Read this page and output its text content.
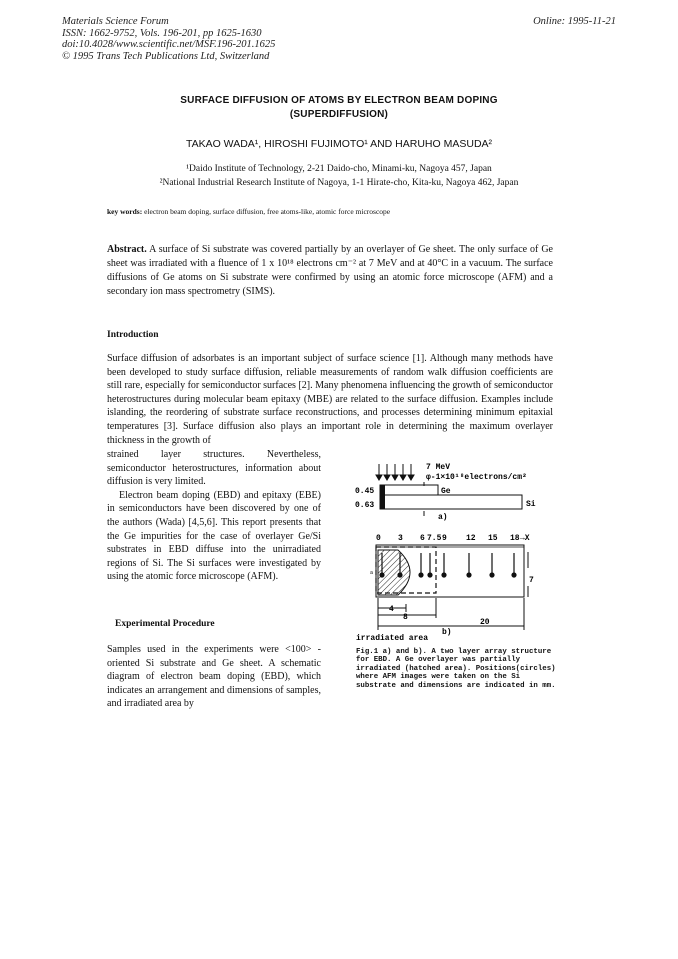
Materials Science Forum
ISSN: 1662-9752, Vols. 196-201, pp 1625-1630
doi:10.4028/www.scientific.net/MSF.196-201.1625
© 1995 Trans Tech Publications Ltd, Switzerland
Online: 1995-11-21
SURFACE DIFFUSION OF ATOMS BY ELECTRON BEAM DOPING
(SUPERDIFFUSION)
TAKAO WADA¹, HIROSHI FUJIMOTO¹ AND HARUHO MASUDA²
¹Daido Institute of Technology, 2-21 Daido-cho, Minami-ku, Nagoya 457, Japan
²National Industrial Research Institute of Nagoya, 1-1 Hirate-cho, Kita-ku, Nagoya 462, Japan
key words: electron beam doping, surface diffusion, free atoms-like, atomic force microscope
Abstract. A surface of Si substrate was covered partially by an overlayer of Ge sheet. The only surface of Ge sheet was irradiated with a fluence of 1 x 10¹⁸ electrons cm⁻² at 7 MeV and at 40°C in a vacuum. The surface diffusions of Ge atoms on Si substrate were confirmed by using an atomic force microscope (AFM) and a secondary ion mass spectrometry (SIMS).
Introduction
Surface diffusion of adsorbates is an important subject of surface science [1]. Although many methods have been developed to study surface diffusion, reliable measurements of random walk diffusion coefficients are still rare, especially for semiconductor surfaces [2]. Many phenomena influencing the growth of semiconductor heterostructures during molecular beam epitaxy (MBE) are related to the surface diffusion. Examples include islanding, the reordering of substrate surface reconstructions, and processes determining minimum epitaxial temperatures [3]. Surface diffusion also plays an important role in determining the maximum overlayer thickness in the growth of

strained layer structures. Nevertheless, semiconductor heterostructures, information about diffusion is very limited.

Electron beam doping (EBD) and epitaxy (EBE) in semiconductors have been discovered by one of the authors (Wada) [4,5,6]. This report presents that the Ge impurities for the case of overlayer Ge/Si substrates in EBD diffuse into the unirradiated regions of Si. The Si surfaces were investigated by using the atomic force microscope (AFM).

Experimental Procedure
Samples used in the experiments were <100> -oriented Si substrate and Ge sheet. A schematic diagram of electron beam doping (EBD), which indicates an arrangement and dimensions of samples, and irradiated area by
7 MeV
φ-1×10¹⁸electrons/cm²
0.45
0.63
Ge
Si
a)
0 3 6 7.5 9 12 15 18 →X
a
7
4
8
20
irradiated area
b)
Fig.1 a) and b). A two layer array structure for EBD. A Ge overlayer was partially irradiated (hatched area). Positions(circles) where AFM images were taken on the Si substrate and dimensions are indicated in mm.
